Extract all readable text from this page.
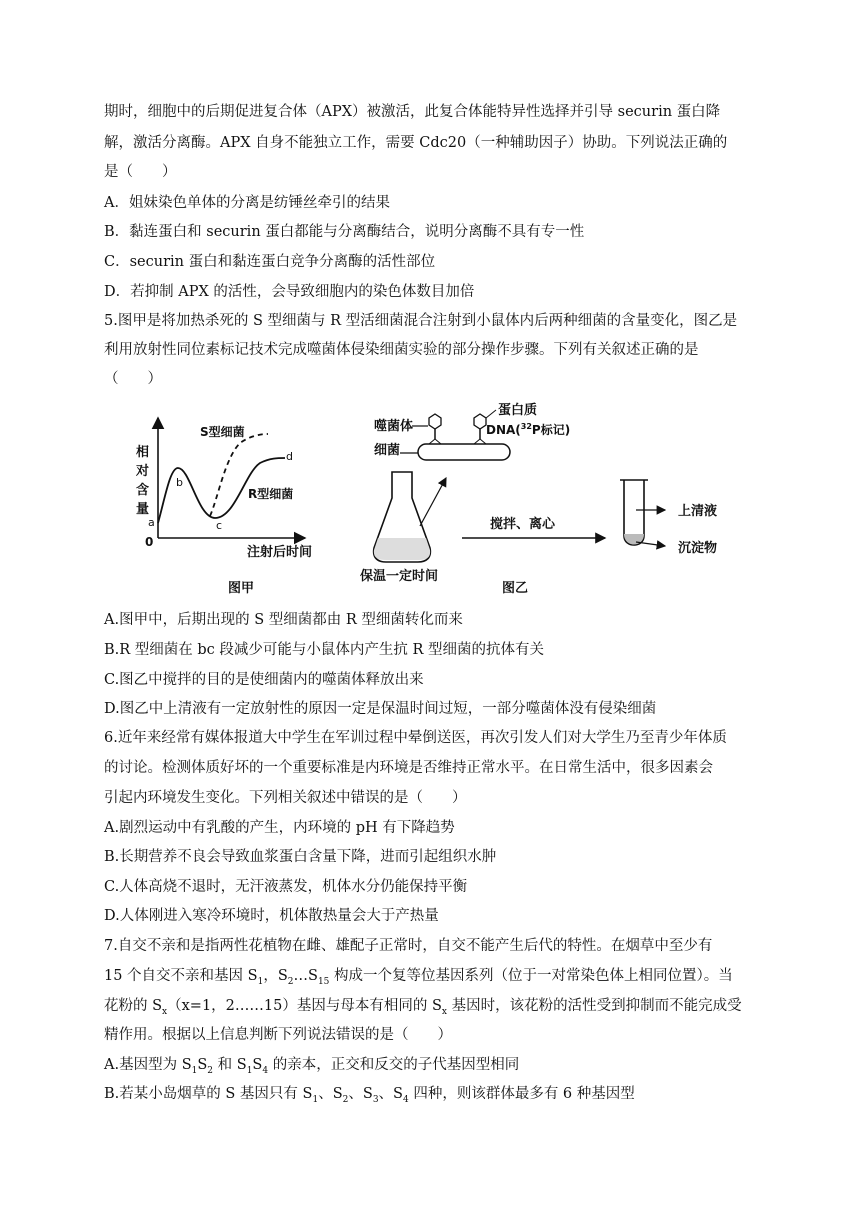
期时，细胞中的后期促进复合体（APX）被激活，此复合体能特异性选择并引导 securin 蛋白降
解，激活分离酶。APX 自身不能独立工作，需要 Cdc20（一种辅助因子）协助。下列说法正确的
是（　　）
A．姐妹染色单体的分离是纺锤丝牵引的结果
B．黏连蛋白和 securin 蛋白都能与分离酶结合，说明分离酶不具有专一性
C．securin 蛋白和黏连蛋白竞争分离酶的活性部位
D．若抑制 APX 的活性，会导致细胞内的染色体数目加倍
5.图甲是将加热杀死的 S 型细菌与 R 型活细菌混合注射到小鼠体内后两种细菌的含量变化，图乙是
利用放射性同位素标记技术完成噬菌体侵染细菌实验的部分操作步骤。下列有关叙述正确的是
（　　）
相
对
含
量
0
a
b
c
d
S型细菌
R型细菌
注射后时间
图甲
噬菌体
蛋白质
DNA($^{32}$P标记)
细菌
保温一定时间
搅拌、离心
上清液
沉淀物
图乙
A.图甲中，后期出现的 S 型细菌都由 R 型细菌转化而来
B.R 型细菌在 bc 段减少可能与小鼠体内产生抗 R 型细菌的抗体有关
C.图乙中搅拌的目的是使细菌内的噬菌体释放出来
D.图乙中上清液有一定放射性的原因一定是保温时间过短，一部分噬菌体没有侵染细菌
6.近年来经常有媒体报道大中学生在军训过程中晕倒送医，再次引发人们对大学生乃至青少年体质
的讨论。检测体质好坏的一个重要标准是内环境是否维持正常水平。在日常生活中，很多因素会
引起内环境发生变化。下列相关叙述中错误的是（　　）
A.剧烈运动中有乳酸的产生，内环境的 pH 有下降趋势
B.长期营养不良会导致血浆蛋白含量下降，进而引起组织水肿
C.人体高烧不退时，无汗液蒸发，机体水分仍能保持平衡
D.人体刚进入寒冷环境时，机体散热量会大于产热量
7.自交不亲和是指两性花植物在雌、雄配子正常时，自交不能产生后代的特性。在烟草中至少有
15 个自交不亲和基因 $S_1$，$S_2\dots S_{15}$ 构成一个复等位基因系列（位于一对常染色体上相同位置）。当
花粉的 $S_x(x=1$，2……15）基因与母本有相同的 $S_x$ 基因时，该花粉的活性受到抑制而不能完成受
精作用。根据以上信息判断下列说法错误的是（　　）
A.基因型为 $S_1S_2$ 和 $S_1S_4$ 的亲本，正交和反交的子代基因型相同
B.若某小岛烟草的 S 基因只有 $S_1$、$S_2$、$S_3$、$S_4$ 四种，则该群体最多有 6 种基因型
